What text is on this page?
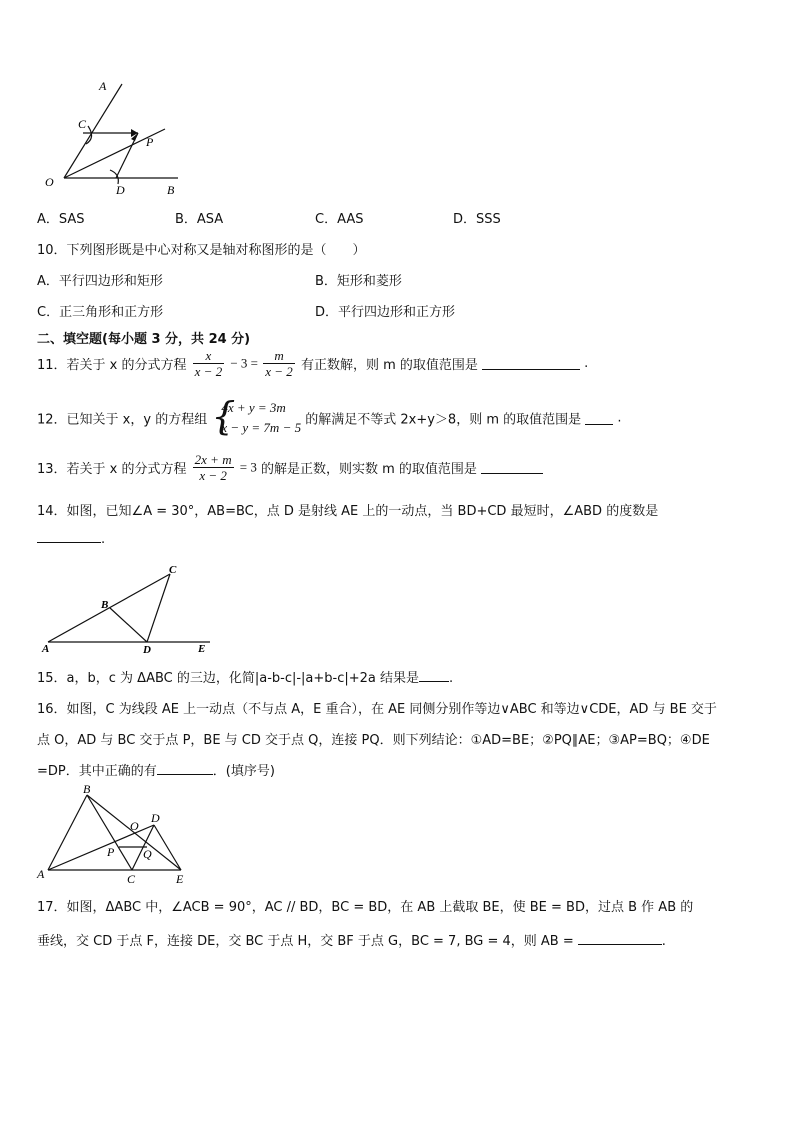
A
C
P
O
D	B
A．SAS	B．ASA	C．AAS	D．SSS
10．下列图形既是中心对称又是轴对称图形的是（　　）
A．平行四边形和矩形	B．矩形和菱形
C．正三角形和正方形	D．平行四边形和正方形
二、填空题(每小题 3 分，共 24 分)
11．若关于 x 的分式方程 $\frac{x}{x - 2} - 3 = \frac{m}{x - 2}$ 有正数解，则 m 的取值范围是	.
12．已知关于 x，y 的方程组 {
4x + y = 3m
x − y = 7m − 5 的解满足不等式 2x+y＞8，则 m 的取值范围是	.
13．若关于 x 的分式方程 $\frac{2x + m}{x - 2} = 3$ 的解是正数，则实数 m 的取值范围是
14．如图，已知∠A = 30°，AB=BC，点 D 是射线 AE 上的一动点，当 BD+CD 最短时，∠ABD 的度数是
.
A
B
C
D	E
15．a，b，c 为 ΔABC 的三边，化简|a-b-c|-|a+b-c|+2a 结果是 .
16．如图，C 为线段 AE 上一动点（不与点 A，E 重合），在 AE 同侧分别作等边∨ABC 和等边∨CDE，AD 与 BE 交于
点 O，AD 与 BC 交于点 P，BE 与 CD 交于点 Q，连接 PQ．则下列结论：①AD=BE；②PQ∥AE；③AP=BQ；④DE
=DP．其中正确的有	．(填序号)
A
B
O
D
P Q
C	E
17．如图，ΔABC 中，∠ACB = 90°，AC // BD，BC = BD，在 AB 上截取 BE，使 BE = BD，过点 B 作 AB 的
垂线，交 CD 于点 F，连接 DE，交 BC 于点 H，交 BF 于点 G，BC = 7, BG = 4，则 AB =	.
